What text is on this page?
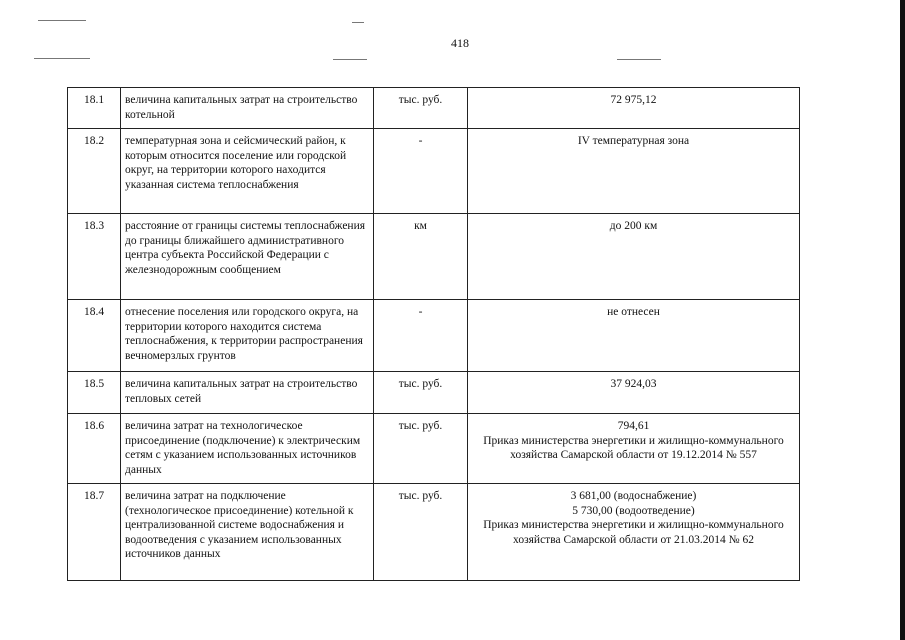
418
18.1	величина капитальных затрат на строительство котельной	тыс. руб.	72 975,12

18.2	температурная зона и сейсмический район, к которым относится поселение или городской округ, на территории которого находится указанная система теплоснабжения	-	IV температурная зона

18.3	расстояние от границы системы теплоснабжения до границы ближайшего административного центра субъекта Российской Федерации с железнодорожным сообщением	км	до 200 км

18.4	отнесение поселения или городского округа, на территории которого находится система теплоснабжения, к территории распространения вечномерзлых грунтов	-	не отнесен

18.5	величина капитальных затрат на строительство тепловых сетей	тыс. руб.	37 924,03

18.6	величина затрат на технологическое присоединение (подключение) к электрическим сетям с указанием использованных источников данных	тыс. руб.	794,61
Приказ министерства энергетики и жилищно-коммунального хозяйства Самарской области от 19.12.2014 № 557

18.7	величина затрат на подключение (технологическое присоединение) котельной к централизованной системе водоснабжения и водоотведения с указанием использованных источников данных	тыс. руб.	3 681,00 (водоснабжение)
5 730,00 (водоотведение)
Приказ министерства энергетики и жилищно-коммунального хозяйства Самарской области от 21.03.2014 № 62
